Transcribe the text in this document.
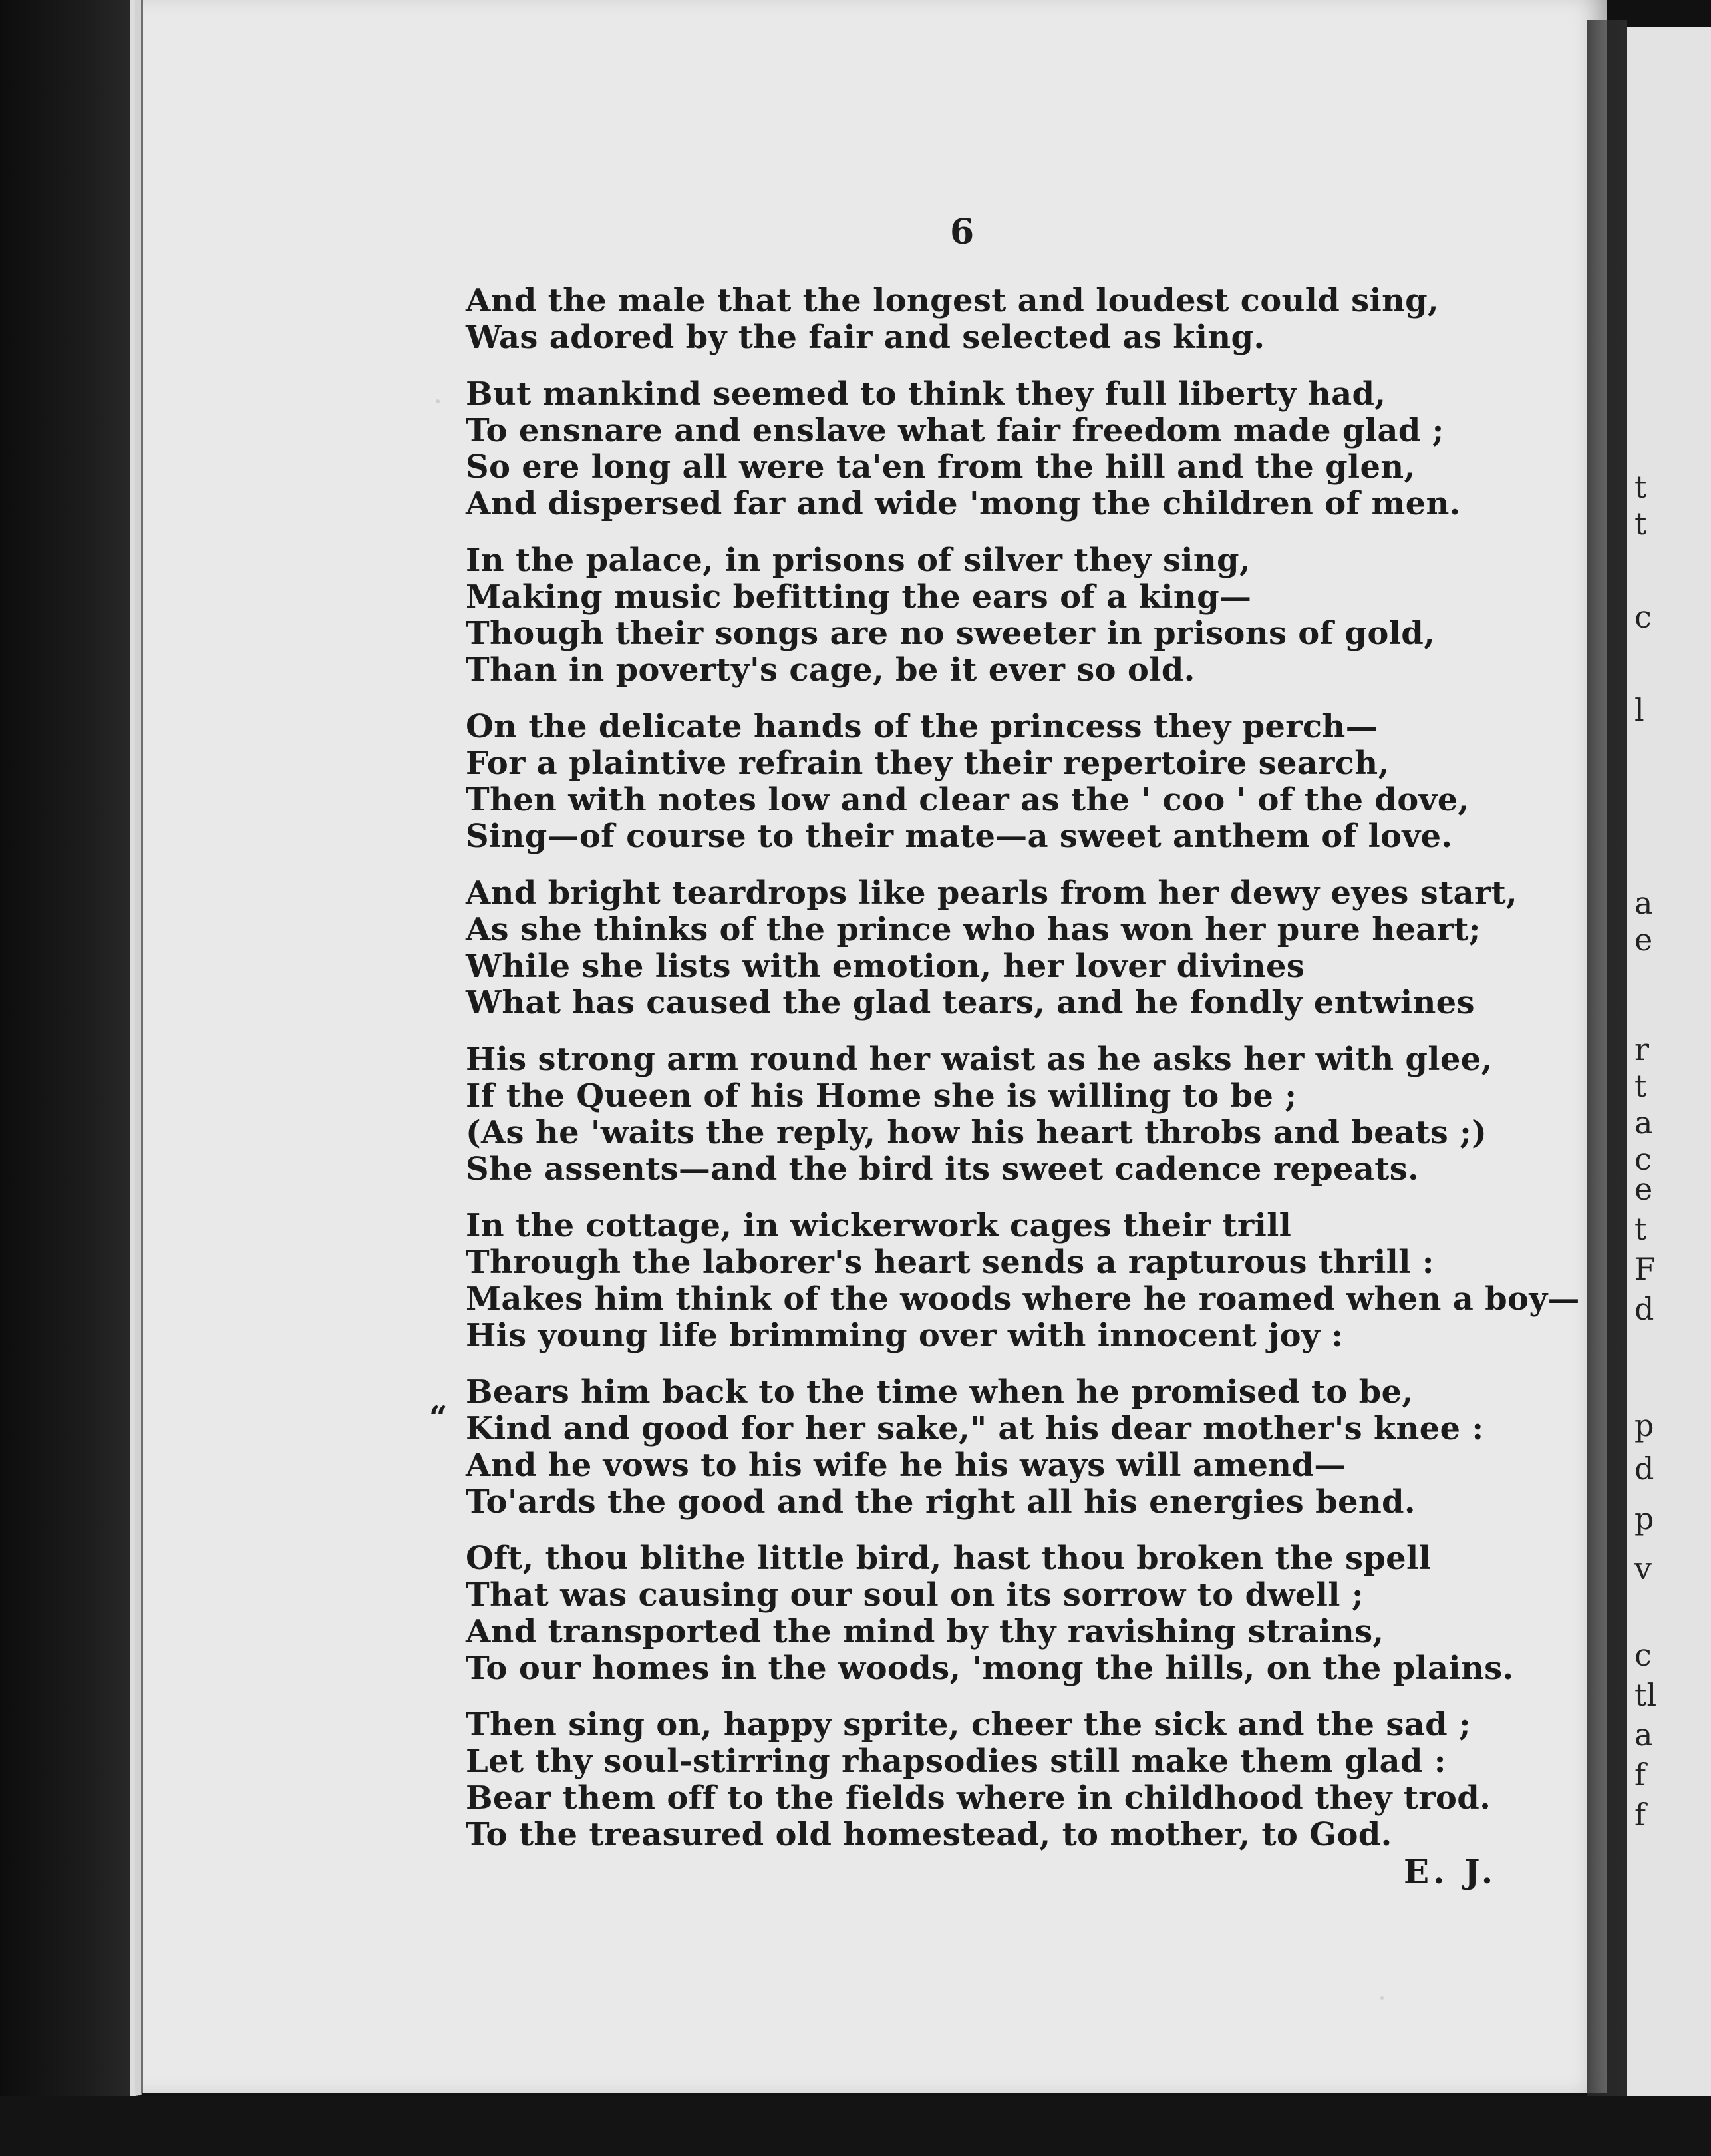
6
“
And the male that the longest and loudest could sing,
Was adored by the fair and selected as king.
But mankind seemed to think they full liberty had,
To ensnare and enslave what fair freedom made glad ;
So ere long all were ta'en from the hill and the glen,
And dispersed far and wide 'mong the children of men.
In the palace, in prisons of silver they sing,
Making music befitting the ears of a king—
Though their songs are no sweeter in prisons of gold,
Than in poverty's cage, be it ever so old.
On the delicate hands of the princess they perch—
For a plaintive refrain they their repertoire search,
Then with notes low and clear as the ' coo ' of the dove,
Sing—of course to their mate—a sweet anthem of love.
And bright teardrops like pearls from her dewy eyes start,
As she thinks of the prince who has won her pure heart;
While she lists with emotion, her lover divines
What has caused the glad tears, and he fondly entwines
His strong arm round her waist as he asks her with glee,
If the Queen of his Home she is willing to be ;
(As he 'waits the reply, how his heart throbs and beats ;)
She assents—and the bird its sweet cadence repeats.
In the cottage, in wickerwork cages their trill
Through the laborer's heart sends a rapturous thrill :
Makes him think of the woods where he roamed when a boy—
His young life brimming over with innocent joy :
Bears him back to the time when he promised to be,
Kind and good for her sake," at his dear mother's knee :
And he vows to his wife he his ways will amend—
To'ards the good and the right all his energies bend.
Oft, thou blithe little bird, hast thou broken the spell
That was causing our soul on its sorrow to dwell ;
And transported the mind by thy ravishing strains,
To our homes in the woods, 'mong the hills, on the plains.
Then sing on, happy sprite, cheer the sick and the sad ;
Let thy soul-stirring rhapsodies still make them glad :
Bear them off to the fields where in childhood they trod.
To the treasured old homestead, to mother, to God.
E. J.
t
t
c
l
a
e
r
t
a
c
e
t
F
d
p
d
p
v
c
tl
a
f
f
